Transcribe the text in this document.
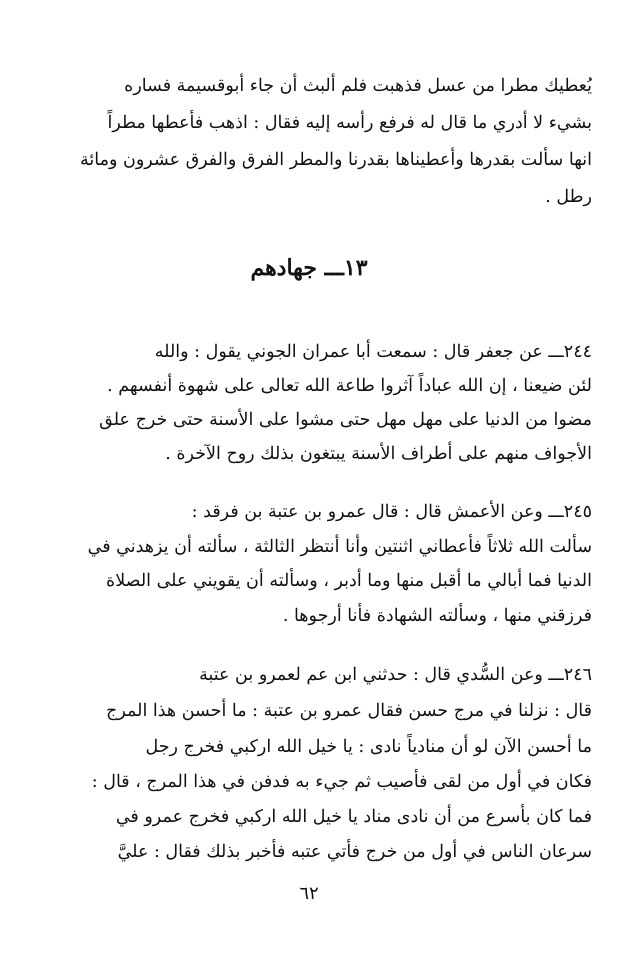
يُعطيك مطرا من عسل فذهبت فلم ألبث أن جاء أبوقسيمة فساره
بشيء لا أدري ما قال له فرفع رأسه إليه فقال : اذهب فأعطها مطراً
انها سألت بقدرها وأعطيناها بقدرنا والمطر الفرق والفرق عشرون ومائة
رطل .
١٣ـــ جهادهم
٢٤٤ـــ عن جعفر قال : سمعت أبا عمران الجوني يقول : والله
لئن ضيعنا ، إن الله عباداً آثروا طاعة الله تعالى على شهوة أنفسهم .
مضوا من الدنيا على مهل مهل حتى مشوا على الأسنة حتى خرج علق
الأجواف منهم على أطراف الأسنة يبتغون بذلك روح الآخرة .
٢٤٥ـــ وعن الأعمش قال : قال عمرو بن عتبة بن فرقد :
سألت الله ثلاثاً فأعطاني اثنتين وأنا أنتظر الثالثة ، سألته أن يزهدني في
الدنيا فما أبالي ما أقبل منها وما أدبر ، وسألته أن يقويني على الصلاة
فرزقني منها ، وسألته الشهادة فأنا أرجوها .
٢٤٦ـــ وعن السُّدي قال : حدثني ابن عم لعمرو بن عتبة
قال : نزلنا في مرج حسن فقال عمرو بن عتبة : ما أحسن هذا المرج
ما أحسن الآن لو أن منادياً نادى : يا خيل الله اركبي فخرج رجل
فكان في أول من لقى فأُصيب ثم جيء به فدفن في هذا المرج ، قال :
فما كان بأسرع من أن نادى مناد يا خيل الله اركبي فخرج عمرو في
سرعان الناس في أول من خرج فأُتي عتبه فأخبر بذلك فقال : عليَّ
٦٢
